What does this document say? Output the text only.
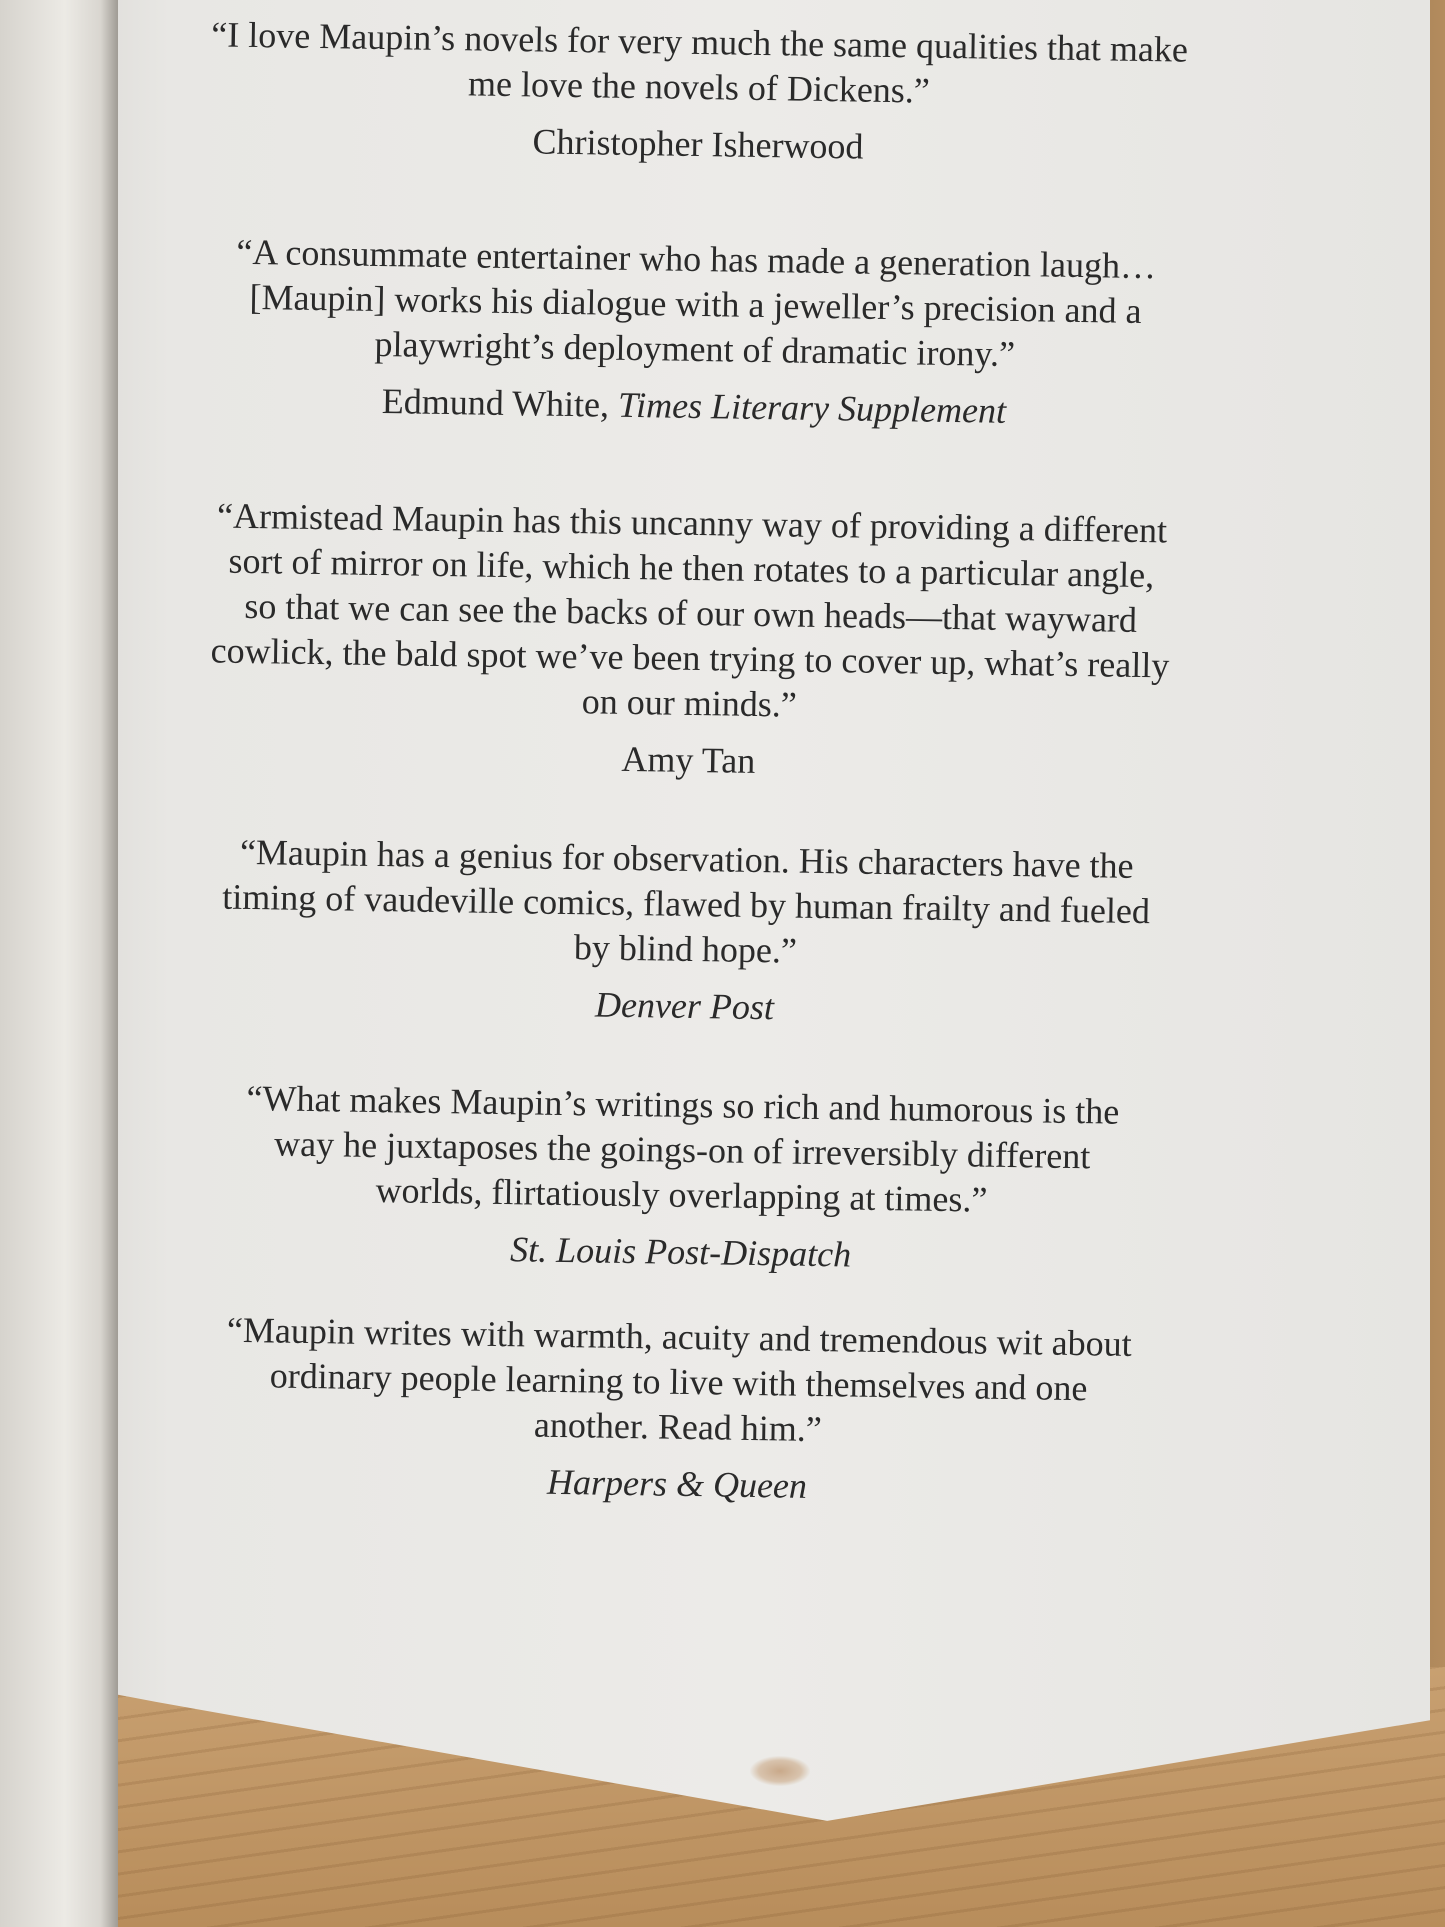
“I love Maupin’s novels for very much the same qualities that make me love the novels of Dickens.”

Christopher Isherwood

“A consummate entertainer who has made a generation laugh…[Maupin] works his dialogue with a jeweller’s precision and a playwright’s deployment of dramatic irony.”

Edmund White, Times Literary Supplement

“Armistead Maupin has this uncanny way of providing a different sort of mirror on life, which he then rotates to a particular angle, so that we can see the backs of our own heads—that wayward cowlick, the bald spot we’ve been trying to cover up, what’s really on our minds.”

Amy Tan

“Maupin has a genius for observation. His characters have the timing of vaudeville comics, flawed by human frailty and fueled by blind hope.”

Denver Post

“What makes Maupin’s writings so rich and humorous is the way he juxtaposes the goings-on of irreversibly different worlds, flirtatiously overlapping at times.”

St. Louis Post-Dispatch

“Maupin writes with warmth, acuity and tremendous wit about ordinary people learning to live with themselves and one another. Read him.”

Harpers & Queen
